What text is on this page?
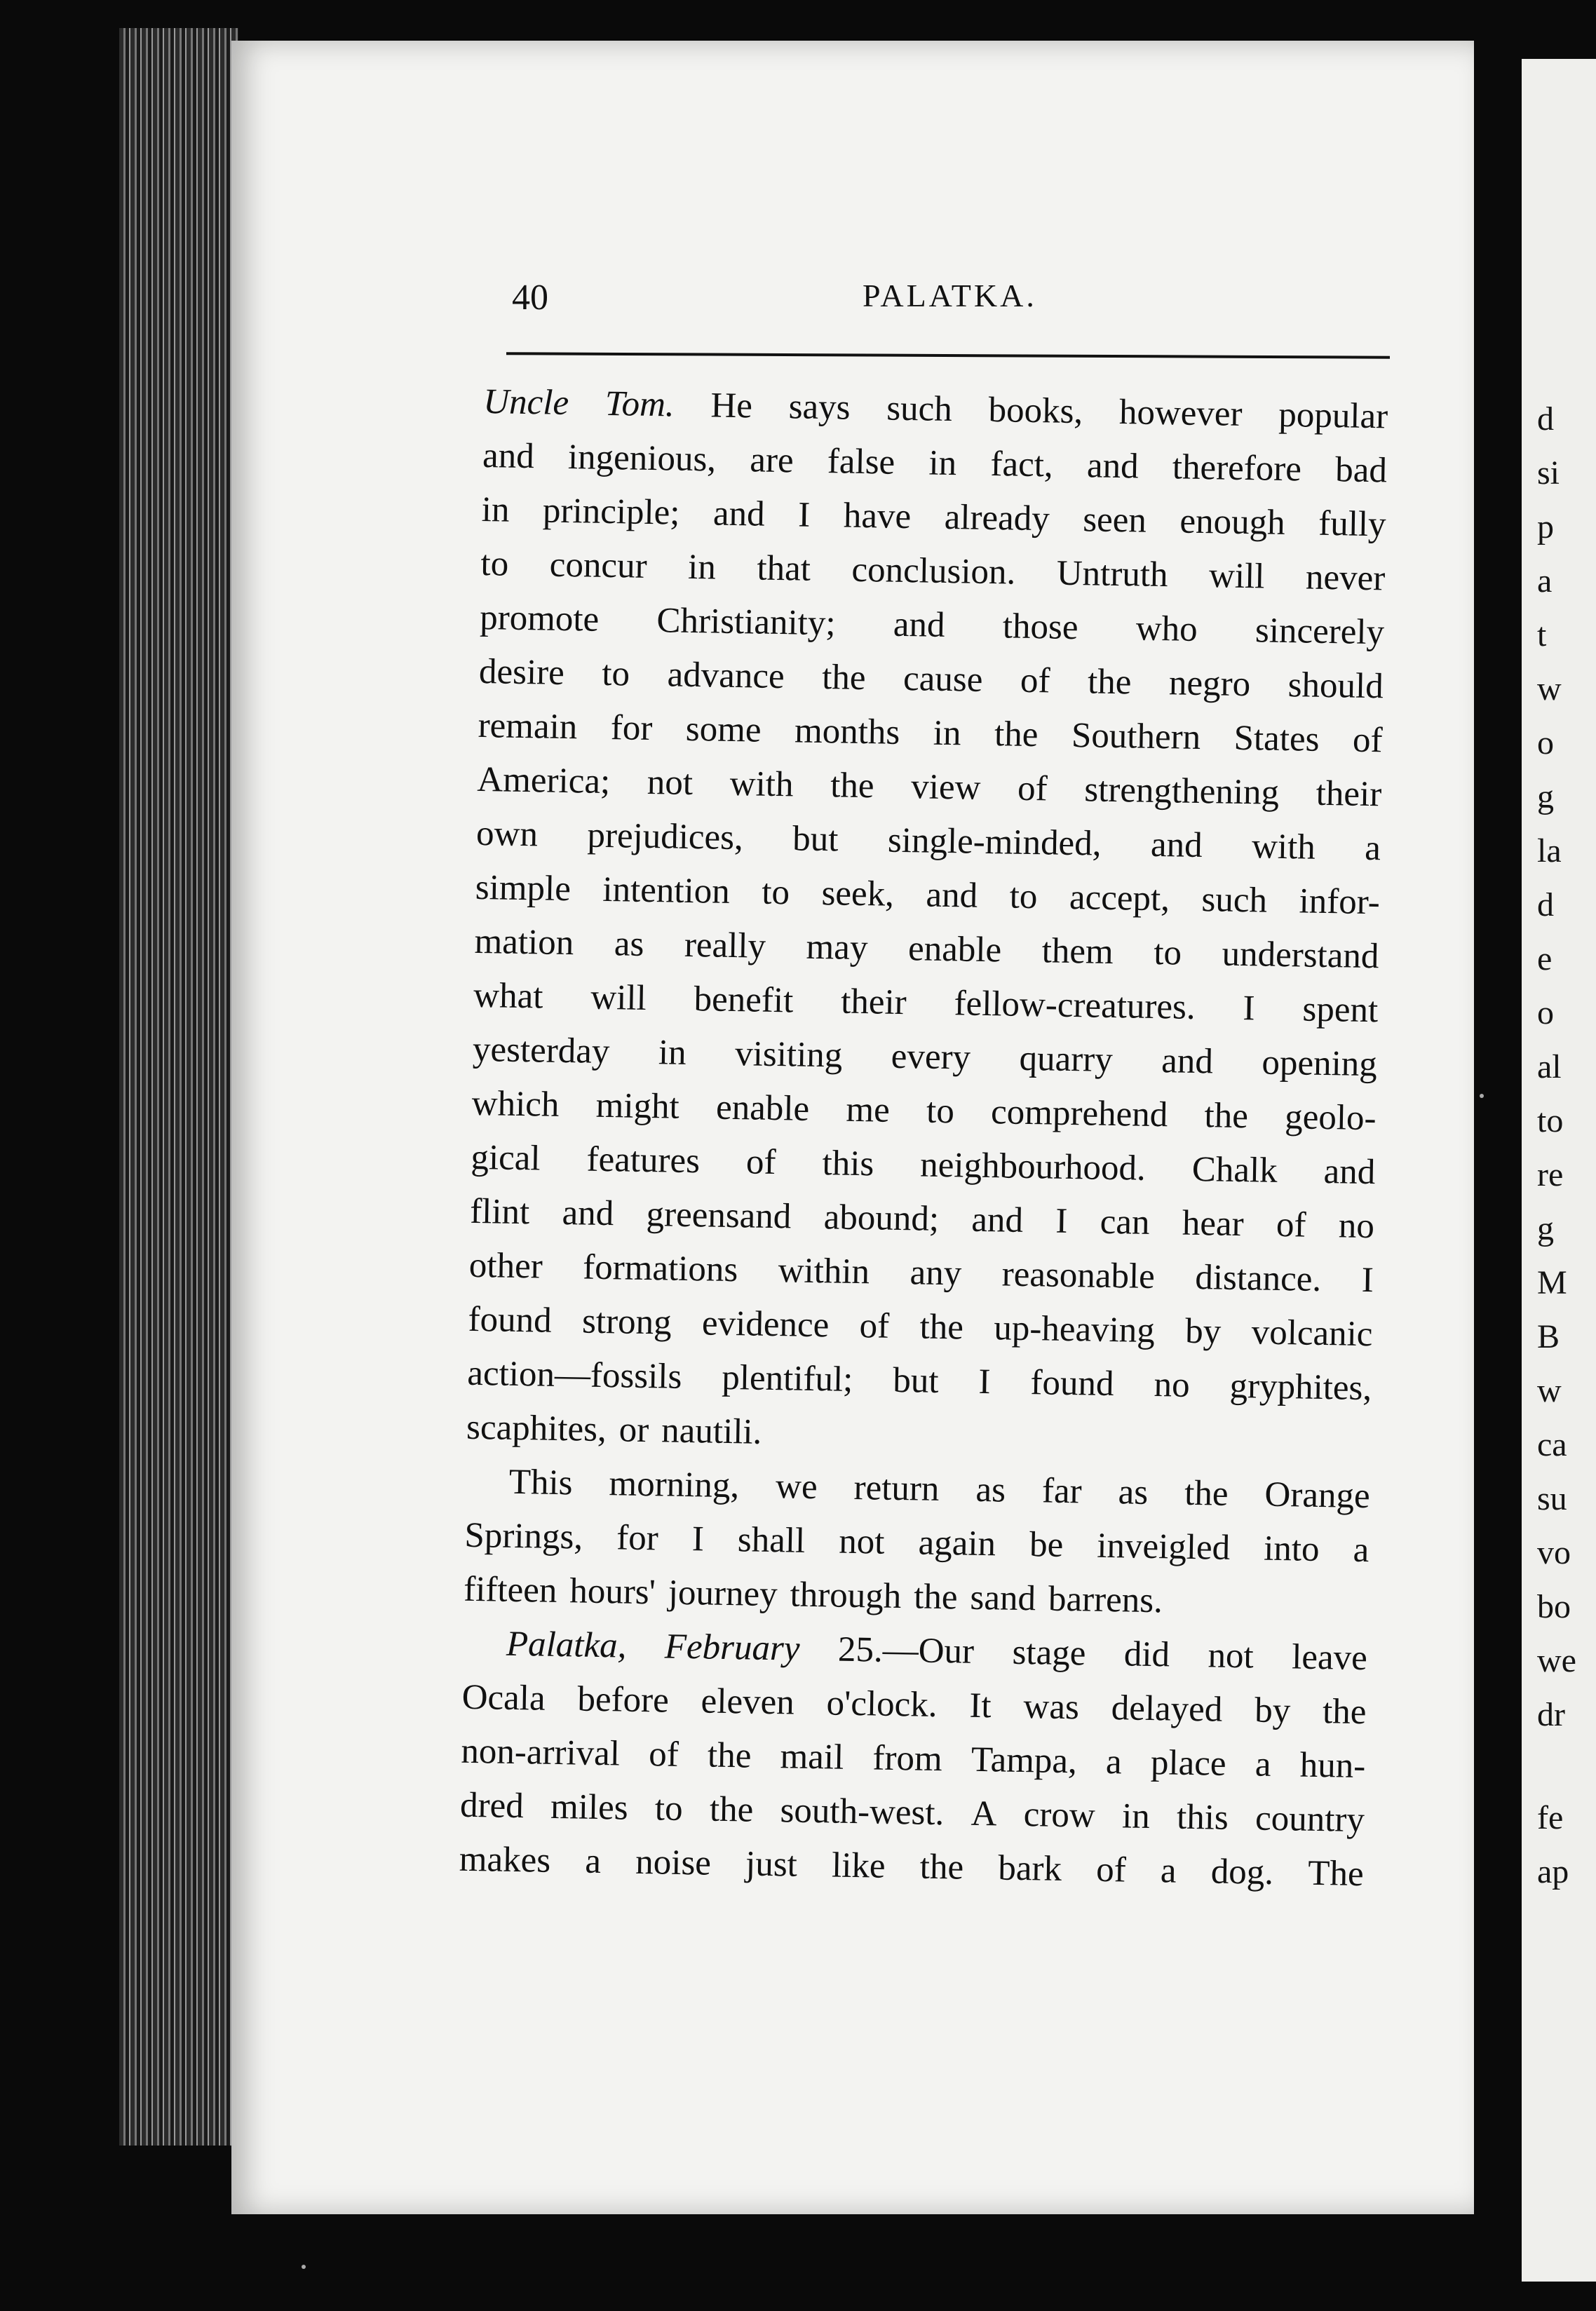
40	PALATKA.
Uncle Tom. He says such books, however popular
and ingenious, are false in fact, and therefore bad
in principle; and I have already seen enough fully
to concur in that conclusion. Untruth will never
promote Christianity; and those who sincerely
desire to advance the cause of the negro should
remain for some months in the Southern States of
America; not with the view of strengthening their
own prejudices, but single-minded, and with a
simple intention to seek, and to accept, such infor-
mation as really may enable them to understand
what will benefit their fellow-creatures. I spent
yesterday in visiting every quarry and opening
which might enable me to comprehend the geolo-
gical features of this neighbourhood. Chalk and
flint and greensand abound; and I can hear of no
other formations within any reasonable distance. I
found strong evidence of the up-heaving by volcanic
action—fossils plentiful; but I found no gryphites,
scaphites, or nautili.
This morning, we return as far as the Orange
Springs, for I shall not again be inveigled into a
fifteen hours' journey through the sand barrens.
Palatka, February 25.—Our stage did not leave
Ocala before eleven o'clock. It was delayed by the
non-arrival of the mail from Tampa, a place a hun-
dred miles to the south-west. A crow in this country
makes a noise just like the bark of a dog. The
d
si
p
a
t
w
o
g
la
d
e
o
al
to
re
g
M
B
w
ca
su
vo
bo
we
dr
fe
ap
